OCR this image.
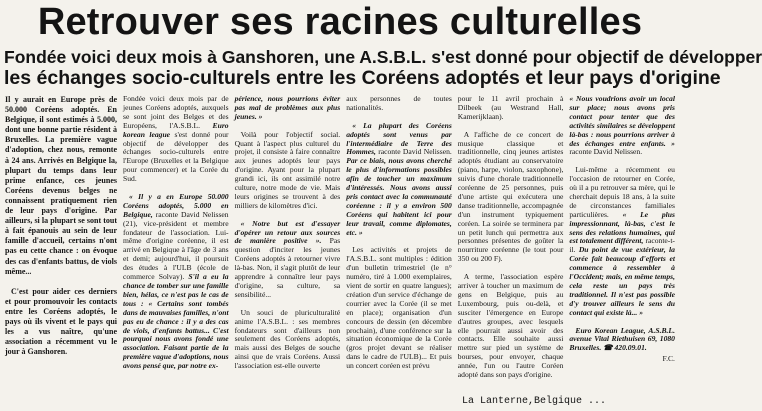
Retrouver ses racines culturelles
Fondée voici deux mois à Ganshoren, une A.S.B.L. s'est donné pour objectif de développer
les échanges socio-culturels entre les Coréens adoptés et leur pays d'origine

Il y aurait en Europe près de 50.000 Coréens adoptés. En Belgique, il sont estimés à 5.000, dont une bonne partie résident à Bruxelles. La première vague d'adoption, chez nous, remonte à 24 ans. Arrivés en Belgique la, plupart du temps dans leur prime enfance, ces jeunes Coréens devenus belges ne connaissent pratiquement rien de leur pays d'origine. Par ailleurs, si la plupart se sont tout à fait épanouis au sein de leur famille d'accueil, certains n'ont pas eu cette chance : on évoque des cas d'enfants battus, de viols même...

C'est pour aider ces derniers et pour promouvoir les contacts entre les Coréens adoptés, le pays où ils vivent et le pays qui les a vus naître, qu'une association a récemment vu le jour à Ganshoren.

Fondée voici deux mois par de jeunes Coréens adoptés, auxquels se sont joint des Belges et des Européens, l'A.S.B.L. Euro korean league s'est donné pour objectif de développer des échanges socio-culturels entre l'Europe (Bruxelles et la Belgique pour commencer) et la Corée du Sud.

« Il y a en Europe 50.000 Coréens adoptés, 5.000 en Belgique, raconte David Nelissen (21), vice-président et membre fondateur de l'association. Lui-même d'origine coréenne, il est arrivé en Belgique à l'âge de 3 ans et demi; aujourd'hui, il poursuit des études à l'ULB (école de commerce Solvay). S'il a eu la chance de tomber sur une famille bien, hélas, ce n'est pas le cas de tous : « Certains sont tombés dans de mauvaises familles, n'ont pas eu de chance : il y a des cas de viols, d'enfants battus... C'est pourquoi nous avons fondé une association. Faisant partie de la première vague d'adoptions, nous avons pensé que, par notre ex-

périence, nous pourrions éviter pas mal de problèmes aux plus jeunes. »

Voilà pour l'objectif social. Quant à l'aspect plus culturel du projet, il consiste à faire connaître aux jeunes adoptés leur pays d'origine. Ayant pour la plupart grandi ici, ils ont assimilé notre culture, notre mode de vie. Mais leurs origines se trouvent à des milliers de kilomètres d'ici.

« Notre but est d'essayer d'opérer un retour aux sources de manière positive ». Pas question d'inciter les jeunes Coréens adoptés à retourner vivre là-bas. Non, il s'agit plutôt de leur apprendre à connaître leur pays d'origine, sa culture, sa sensibilité...

Un souci de pluriculturalité anime l'A.S.B.L. : ses membres fondateurs sont d'ailleurs non seulement des Coréens adoptés, mais aussi des Belges de souche ainsi que de vrais Coréens. Aussi l'association est-elle ouverte

aux personnes de toutes nationalités.

« La plupart des Coréens adoptés sont venus par l'intermédiaire de Terre des Hommes, raconte David Nelissen. Par ce biais, nous avons cherché le plus d'informations possibles afin de toucher un maximum d'intéressés. Nous avons aussi pris contact avec la communauté coréenne : il y a environ 500 Coréens qui habitent ici pour leur travail, comme diplomates, etc. »

Les activités et projets de l'A.S.B.L. sont multiples : édition d'un bulletin trimestriel (le n° numéro, tiré à 1.000 exemplaires, vient de sortir en quatre langues); création d'un service d'échange de courrier avec la Corée (il se met en place); organisation d'un concours de dessin (en décembre prochain), d'une conférence sur la situation économique de la Corée (gros projet devant se réaliser dans le cadre de l'ULB)... Et puis un concert coréen est prévu

pour le 11 avril prochain à Dilbeek (au Westrand Hall, Kamerijklaan).

A l'affiche de ce concert de musique classique et traditionnelle, cinq jeunes artistes adoptés étudiant au conservatoire (piano, harpe, violon, saxophone), suivis d'une chorale traditionnelle coréenne de 25 personnes, puis d'une artiste qui exécutera une danse traditionnelle, accompagnée d'un instrument typiquement coréen. La soirée se terminera par un petit lunch qui permettra aux personnes présentes de goûter la nourriture coréenne (le tout pour 350 ou 200 F).

A terme, l'association espère arriver à toucher un maximum de gens en Belgique, puis au Luxembourg, puis ou-delà, et susciter l'émergence en Europe d'autres groupes, avec lesquels elle pourrait aussi avoir des contacts. Elle souhaite aussi mettre sur pied un système de bourses, pour envoyer, chaque année, l'un ou l'autre Coréen adopté dans son pays d'origine.

« Nous voudrions avoir un local sur place; nous avons pris contact pour tenter que des activités similaires se développent là-bas : nous pourrions arriver à des échanges entre enfants. » raconte David Nelissen.

Lui-même a récemment eu l'occasion de retourner en Corée, où il a pu retrouver sa mère, qui le cherchait depuis 18 ans, à la suite de circonstances familiales particulières. « Le plus impressionnant, là-bas, c'est le sens des relations humaines, qui est totalement différent, raconte-t-il. Du point de vue extérieur, la Corée fait beaucoup d'efforts et commence à ressembler à l'Occident; mais, en même temps, cela reste un pays très traditionnel. Il n'est pas possible d'y trouver ailleurs le sens du contact qui existe là... »

Euro Korean League, A.S.B.L. avenue Vital Riethuisen 69, 1080 Bruxelles. ☎ 420.09.01.

F.C.
La Lanterne,Belgique ...
